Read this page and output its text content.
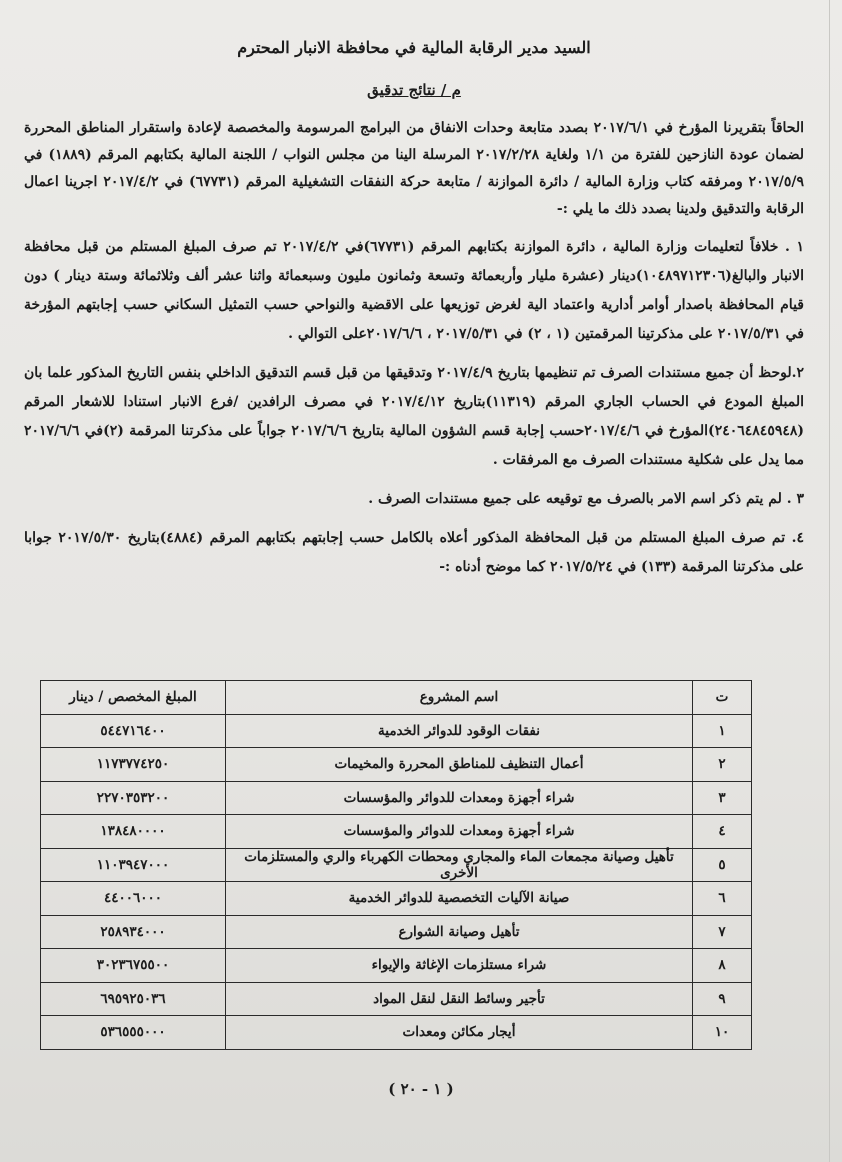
السيد مدير الرقابة المالية في محافظة الانبار المحترم
م / نتائج تدقيق

الحاقاً بتقريرنا المؤرخ في ٢٠١٧/٦/١ بصدد متابعة وحدات الانفاق من البرامج المرسومة والمخصصة لإعادة واستقرار المناطق المحررة لضمان عودة النازحين للفترة من ١/١ ولغاية ٢٠١٧/٢/٢٨ المرسلة الينا من مجلس النواب / اللجنة المالية بكتابهم المرقم (١٨٨٩) في ٢٠١٧/٥/٩ ومرفقه كتاب وزارة المالية / دائرة الموازنة / متابعة حركة النفقات التشغيلية المرقم (٦٧٧٣١) في ٢٠١٧/٤/٢ اجرينا اعمال الرقابة والتدقيق ولدينا بصدد ذلك ما يلي :-

١ . خلافاً لتعليمات وزارة المالية ، دائرة الموازنة بكتابهم المرقم (٦٧٧٣١)في ٢٠١٧/٤/٢ تم صرف المبلغ المستلم من قبل محافظة الانبار والبالغ(١٠٤٨٩٧١٢٣٠٦)دينار (عشرة مليار وأربعمائة وتسعة وثمانون مليون وسبعمائة واثنا عشر ألف وثلاثمائة وستة دينار ) دون قيام المحافظة باصدار أوامر أدارية واعتماد الية لغرض توزيعها على الاقضية والنواحي حسب التمثيل السكاني حسب إجابتهم المؤرخة في ٢٠١٧/٥/٣١ على مذكرتينا المرقمتين (١ ، ٢) في ٢٠١٧/٥/٣١ ، ٢٠١٧/٦/٦على التوالي .

٢.لوحظ أن جميع مستندات الصرف تم تنظيمها بتاريخ ٢٠١٧/٤/٩ وتدقيقها من قبل قسم التدقيق الداخلي بنفس التاريخ المذكور علما بان المبلغ المودع في الحساب الجاري المرقم (١١٣١٩)بتاريخ ٢٠١٧/٤/١٢ في مصرف الرافدين /فرع الانبار استنادا للاشعار المرقم (٢٤٠٦٤٨٤٥٩٤٨)المؤرخ في ٢٠١٧/٤/٦حسب إجابة قسم الشؤون المالية بتاريخ ٢٠١٧/٦/٦ جواباً على مذكرتنا المرقمة (٢)في ٢٠١٧/٦/٦ مما يدل على شكلية مستندات الصرف مع المرفقات .

٣ . لم يتم ذكر اسم الامر بالصرف مع توقيعه على جميع مستندات الصرف .

٤. تم صرف المبلغ المستلم من قبل المحافظة المذكور أعلاه بالكامل حسب إجابتهم بكتابهم المرقم (٤٨٨٤)بتاريخ ٢٠١٧/٥/٣٠ جوابا على مذكرتنا المرقمة (١٣٣) في ٢٠١٧/٥/٢٤ كما موضح أدناه :-

ت	اسم المشروع	المبلغ المخصص / دينار
١	نفقات الوقود للدوائر الخدمية	٥٤٤٧١٦٤٠٠
٢	أعمال التنظيف للمناطق المحررة والمخيمات	١١٧٣٧٧٤٢٥٠
٣	شراء أجهزة ومعدات للدوائر والمؤسسات	٢٢٧٠٣٥٣٢٠٠
٤	شراء أجهزة ومعدات للدوائر والمؤسسات	١٣٨٤٨٠٠٠٠
٥	تأهيل وصيانة مجمعات الماء والمجاري ومحطات الكهرباء والري والمستلزمات الأخرى	١١٠٣٩٤٧٠٠٠
٦	صيانة الآليات التخصصية للدوائر الخدمية	٤٤٠٠٦٠٠٠
٧	تأهيل وصيانة الشوارع	٢٥٨٩٣٤٠٠٠
٨	شراء مستلزمات الإغاثة والإيواء	٣٠٢٣٦٧٥٥٠٠
٩	تأجير وسائط النقل لنقل المواد	٦٩٥٩٢٥٠٣٦
١٠	أيجار مكائن ومعدات	٥٣٦٥٥٥٠٠٠
( ١ - ٢٠ )
